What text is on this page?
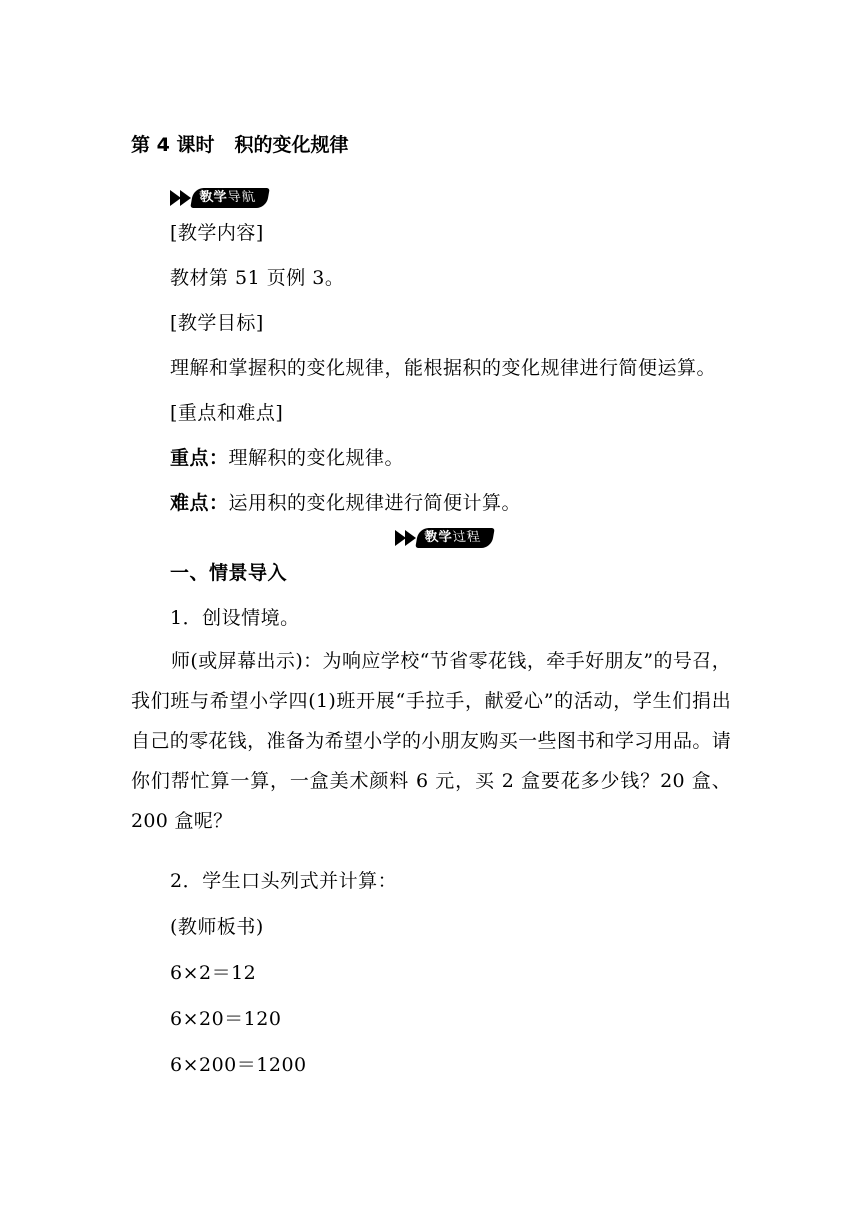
第 4 课时 积的变化规律
教学导航
[教学内容]
教材第 51 页例 3。
[教学目标]
理解和掌握积的变化规律，能根据积的变化规律进行简便运算。
[重点和难点]
重点：理解积的变化规律。
难点：运用积的变化规律进行简便计算。
教学过程
一、情景导入
1．创设情境。
师(或屏幕出示)：为响应学校“节省零花钱，牵手好朋友”的号召，我们班与希望小学四(1)班开展“手拉手，献爱心”的活动，学生们捐出自己的零花钱，准备为希望小学的小朋友购买一些图书和学习用品。请你们帮忙算一算，一盒美术颜料 6 元，买 2 盒要花多少钱？20 盒、200 盒呢？
2．学生口头列式并计算：
(教师板书)
6×2＝12
6×20＝120
6×200＝1200
